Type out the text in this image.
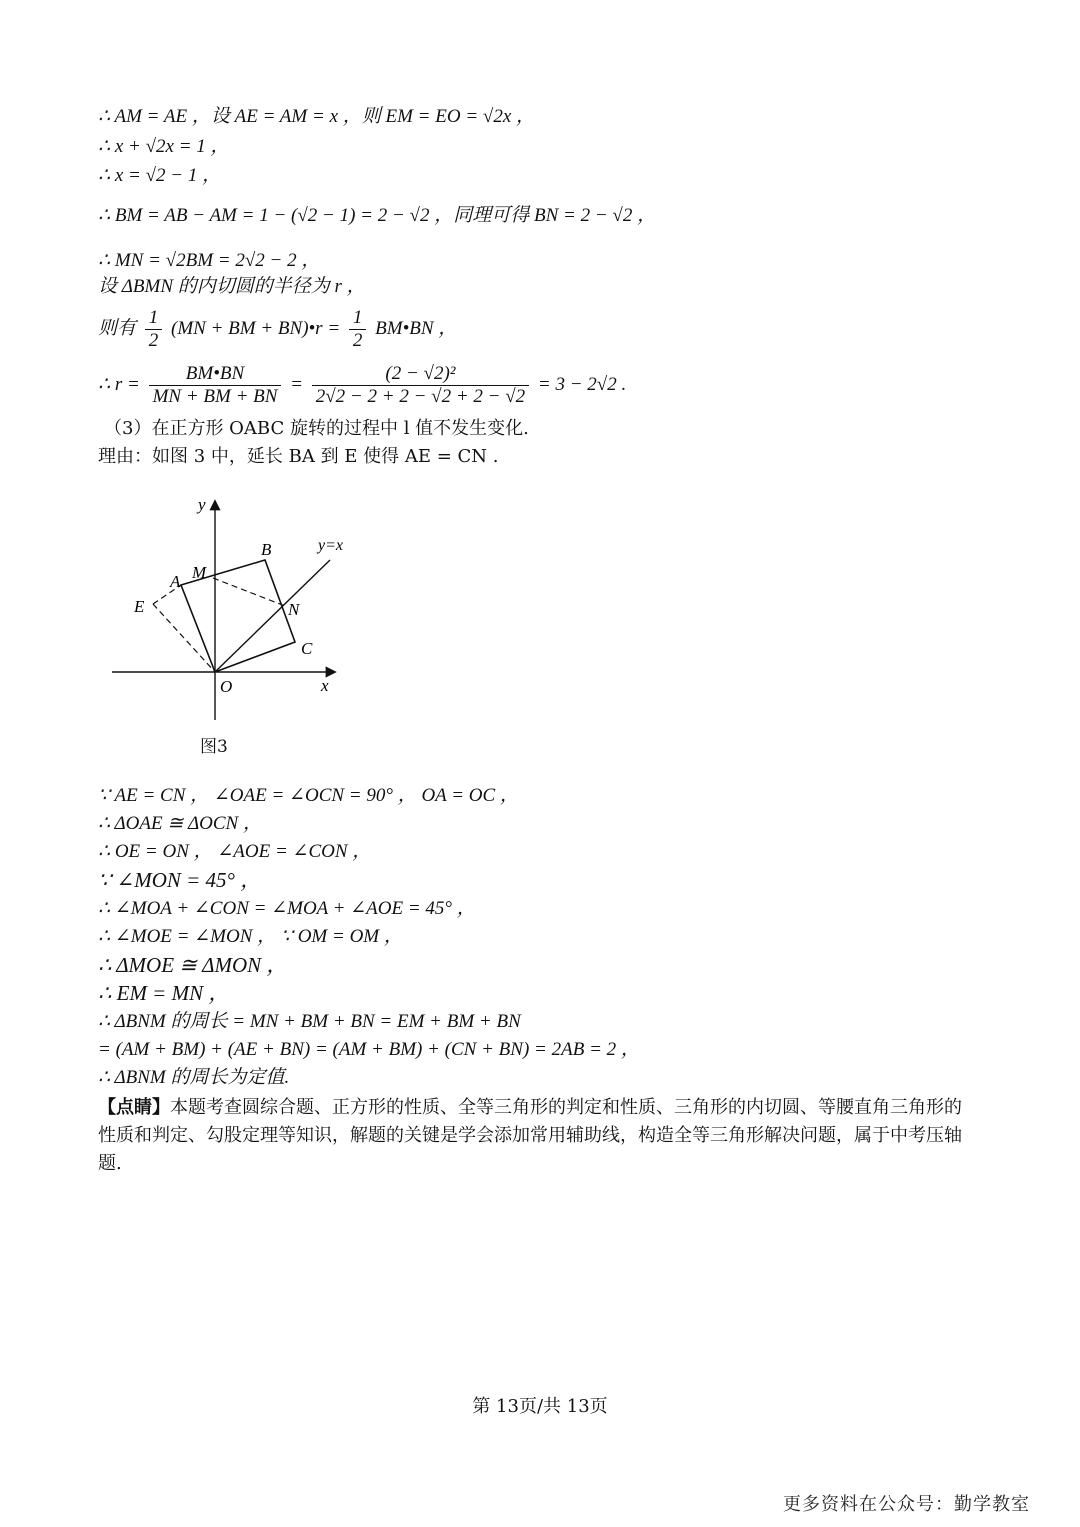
∴ AM = AE ，设 AE = AM = x ，则 EM = EO = √2x ，
∴ x + √2x = 1 ，
∴ x = √2 − 1 ，
∴ BM = AB − AM = 1 − (√2 − 1) = 2 − √2 ，同理可得 BN = 2 − √2 ，
∴ MN = √2BM = 2√2 − 2 ，
设 ΔBMN 的内切圆的半径为 r ，
则有 $\frac{1}{2} (MN$ + BM + BN)•r = $\frac{1}{2}$ BM•BN ，
∴ $r = \frac{BM•BN}{MN + BM + BN} = \frac{\text{(2 − √2)²}}{2√2 - 2 + 2 - √2 + 2 - √2} = 3 - 2√2$ .
（3）在正方形 OABC 旋转的过程中 l 值不发生变化.
理由：如图 3 中，延长 BA 到 E 使得 AE = CN .
y
x
O
A
B
C
M
N
E
y=x
图3
∵ AE = CN ， ∠OAE = ∠OCN = 90° ， OA = OC ，
∴ ΔOAE ≅ ΔOCN ，
∴ OE = ON ， ∠AOE = ∠CON ，
∵ ∠MON = 45° ，
∴ ∠MOA + ∠CON = ∠MOA + ∠AOE = 45° ，
∴ ∠MOE = ∠MON ， ∵ OM = OM ，
∴ ΔMOE ≅ ΔMON ，
∴ EM = MN ，
∴ ΔBNM 的周长 = MN + BM + BN = EM + BM + BN
= (AM + BM) + (AE + BN) = (AM + BM) + (CN + BN) = 2AB = 2 ，
∴ ΔBNM 的周长为定值.
【点睛】本题考查圆综合题、正方形的性质、全等三角形的判定和性质、三角形的内切圆、等腰直角三角形的性质和判定、勾股定理等知识，解题的关键是学会添加常用辅助线，构造全等三角形解决问题，属于中考压轴题.
第 13页/共 13页
更多资料在公众号：勤学教室
